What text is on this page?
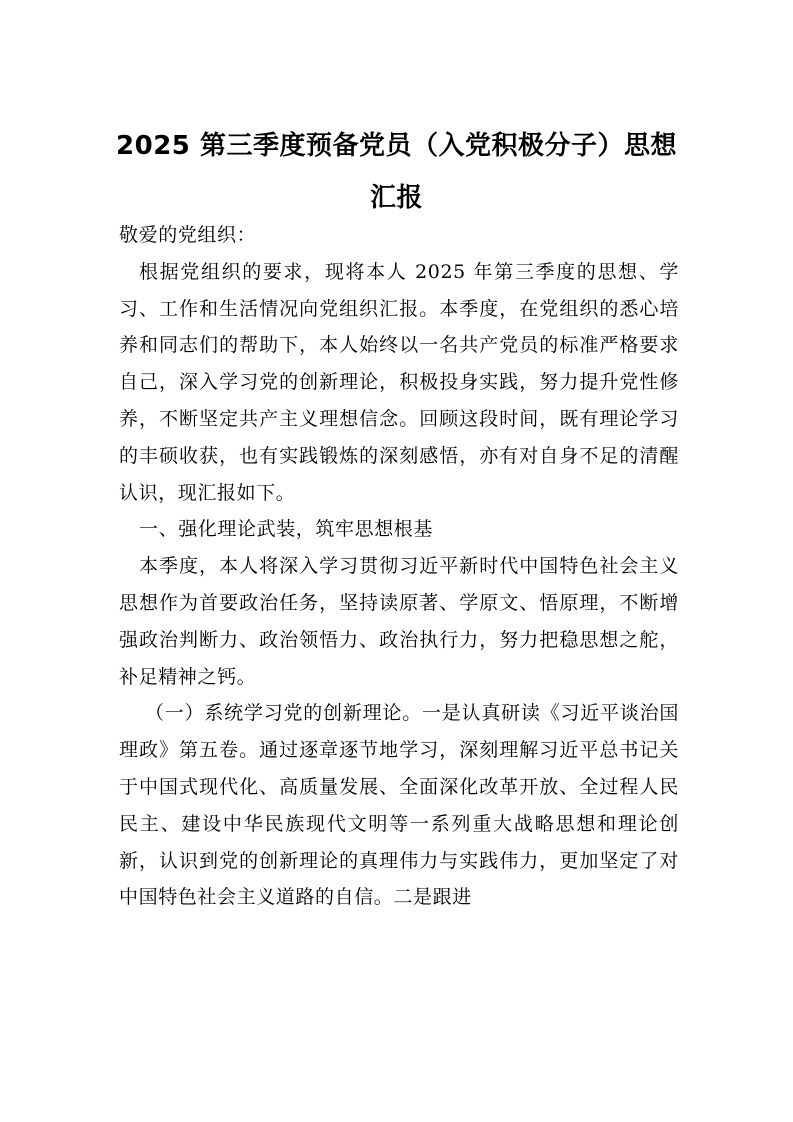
2025 第三季度预备党员（入党积极分子）思想汇报

敬爱的党组织：

根据党组织的要求，现将本人 2025 年第三季度的思想、学习、工作和生活情况向党组织汇报。本季度，在党组织的悉心培养和同志们的帮助下，本人始终以一名共产党员的标准严格要求自己，深入学习党的创新理论，积极投身实践，努力提升党性修养，不断坚定共产主义理想信念。回顾这段时间，既有理论学习的丰硕收获，也有实践锻炼的深刻感悟，亦有对自身不足的清醒认识，现汇报如下。

一、强化理论武装，筑牢思想根基

本季度，本人将深入学习贯彻习近平新时代中国特色社会主义思想作为首要政治任务，坚持读原著、学原文、悟原理，不断增强政治判断力、政治领悟力、政治执行力，努力把稳思想之舵，补足精神之钙。

（一）系统学习党的创新理论。一是认真研读《习近平谈治国理政》第五卷。通过逐章逐节地学习，深刻理解习近平总书记关于中国式现代化、高质量发展、全面深化改革开放、全过程人民民主、建设中华民族现代文明等一系列重大战略思想和理论创新，认识到党的创新理论的真理伟力与实践伟力，更加坚定了对中国特色社会主义道路的自信。二是跟进
